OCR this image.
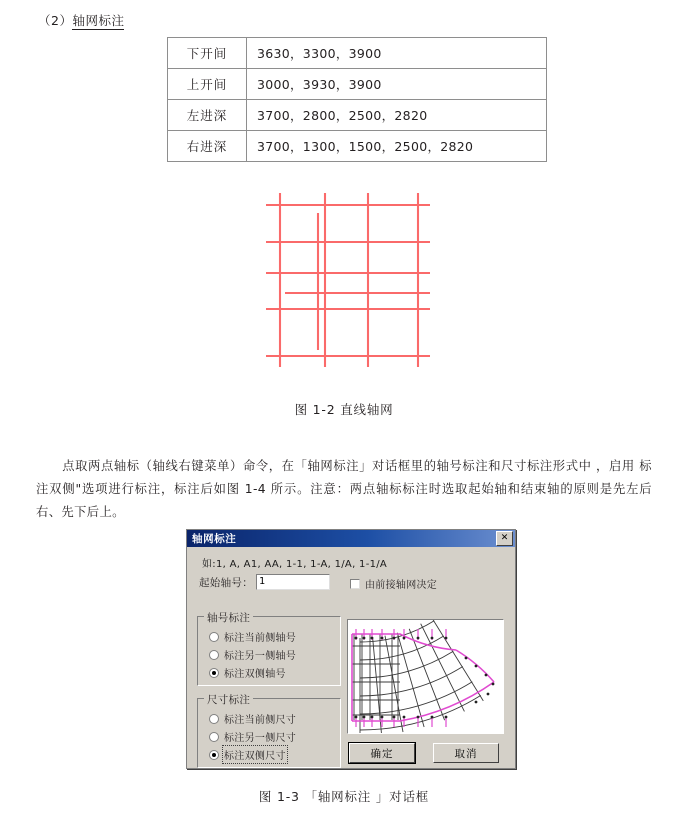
（2）轴网标注
下开间	3630，3300，3900
上开间	3000，3930，3900
左进深	3700，2800，2500，2820
右进深	3700，1300，1500，2500，2820
图 1-2 直线轴网

点取两点轴标（轴线右键菜单）命令，在「轴网标注」对话框里的轴号标注和尺寸标注形式中 ，启用 标注双侧"选项进行标注，标注后如图 1-4 所示。注意：两点轴标标注时选取起始轴和结束轴的原则是先左后右、先下后上。

轴网标注	✕
如:1, A, A1, AA, 1-1, 1-A, 1/A, 1-1/A
起始轴号：
1	由前接轴网决定
轴号标注
标注当前侧轴号
标注另一侧轴号
标注双侧轴号
尺寸标注
标注当前侧尺寸
标注另一侧尺寸
标注双侧尺寸	确定	取消
图 1-3 「轴网标注 」对话框
